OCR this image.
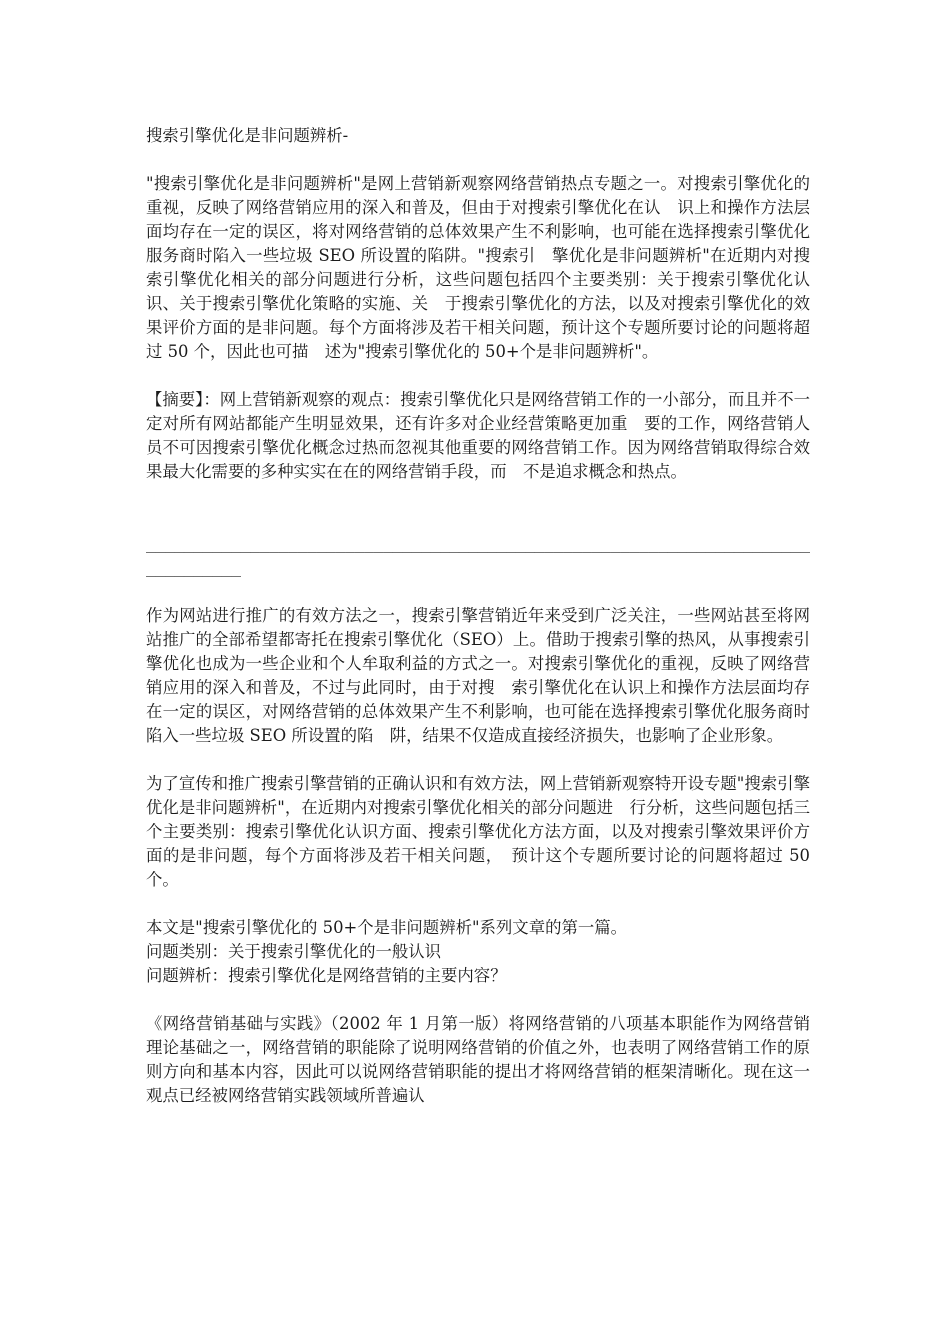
搜索引擎优化是非问题辨析-

"搜索引擎优化是非问题辨析"是网上营销新观察网络营销热点专题之一。对搜索引擎优化的重视，反映了网络营销应用的深入和普及，但由于对搜索引擎优化在认　识上和操作方法层面均存在一定的误区，将对网络营销的总体效果产生不利影响，也可能在选择搜索引擎优化服务商时陷入一些垃圾 SEO 所设置的陷阱。"搜索引　擎优化是非问题辨析"在近期内对搜索引擎优化相关的部分问题进行分析，这些问题包括四个主要类别：关于搜索引擎优化认识、关于搜索引擎优化策略的实施、关　于搜索引擎优化的方法，以及对搜索引擎优化的效果评价方面的是非问题。每个方面将涉及若干相关问题，预计这个专题所要讨论的问题将超过 50 个，因此也可描　述为"搜索引擎优化的 50+个是非问题辨析"。

【摘要】：网上营销新观察的观点：搜索引擎优化只是网络营销工作的一小部分，而且并不一定对所有网站都能产生明显效果，还有许多对企业经营策略更加重　要的工作，网络营销人员不可因搜索引擎优化概念过热而忽视其他重要的网络营销工作。因为网络营销取得综合效果最大化需要的多种实实在在的网络营销手段，而　不是追求概念和热点。

________________________________________________________________________________

作为网站进行推广的有效方法之一，搜索引擎营销近年来受到广泛关注，一些网站甚至将网站推广的全部希望都寄托在搜索引擎优化（SEO）上。借助于搜索引擎的热风，从事搜索引擎优化也成为一些企业和个人牟取利益的方式之一。对搜索引擎优化的重视，反映了网络营销应用的深入和普及，不过与此同时，由于对搜　索引擎优化在认识上和操作方法层面均存在一定的误区，对网络营销的总体效果产生不利影响，也可能在选择搜索引擎优化服务商时陷入一些垃圾 SEO 所设置的陷　阱，结果不仅造成直接经济损失，也影响了企业形象。

为了宣传和推广搜索引擎营销的正确认识和有效方法，网上营销新观察特开设专题"搜索引擎优化是非问题辨析"，在近期内对搜索引擎优化相关的部分问题进　行分析，这些问题包括三个主要类别：搜索引擎优化认识方面、搜索引擎优化方法方面，以及对搜索引擎效果评价方面的是非问题，每个方面将涉及若干相关问题，　预计这个专题所要讨论的问题将超过 50 个。

本文是"搜索引擎优化的 50+个是非问题辨析"系列文章的第一篇。

问题类别：关于搜索引擎优化的一般认识

问题辨析：搜索引擎优化是网络营销的主要内容？

《网络营销基础与实践》（2002 年 1 月第一版）将网络营销的八项基本职能作为网络营销理论基础之一，网络营销的职能除了说明网络营销的价值之外，也表明了网络营销工作的原则方向和基本内容，因此可以说网络营销职能的提出才将网络营销的框架清晰化。现在这一观点已经被网络营销实践领域所普遍认
